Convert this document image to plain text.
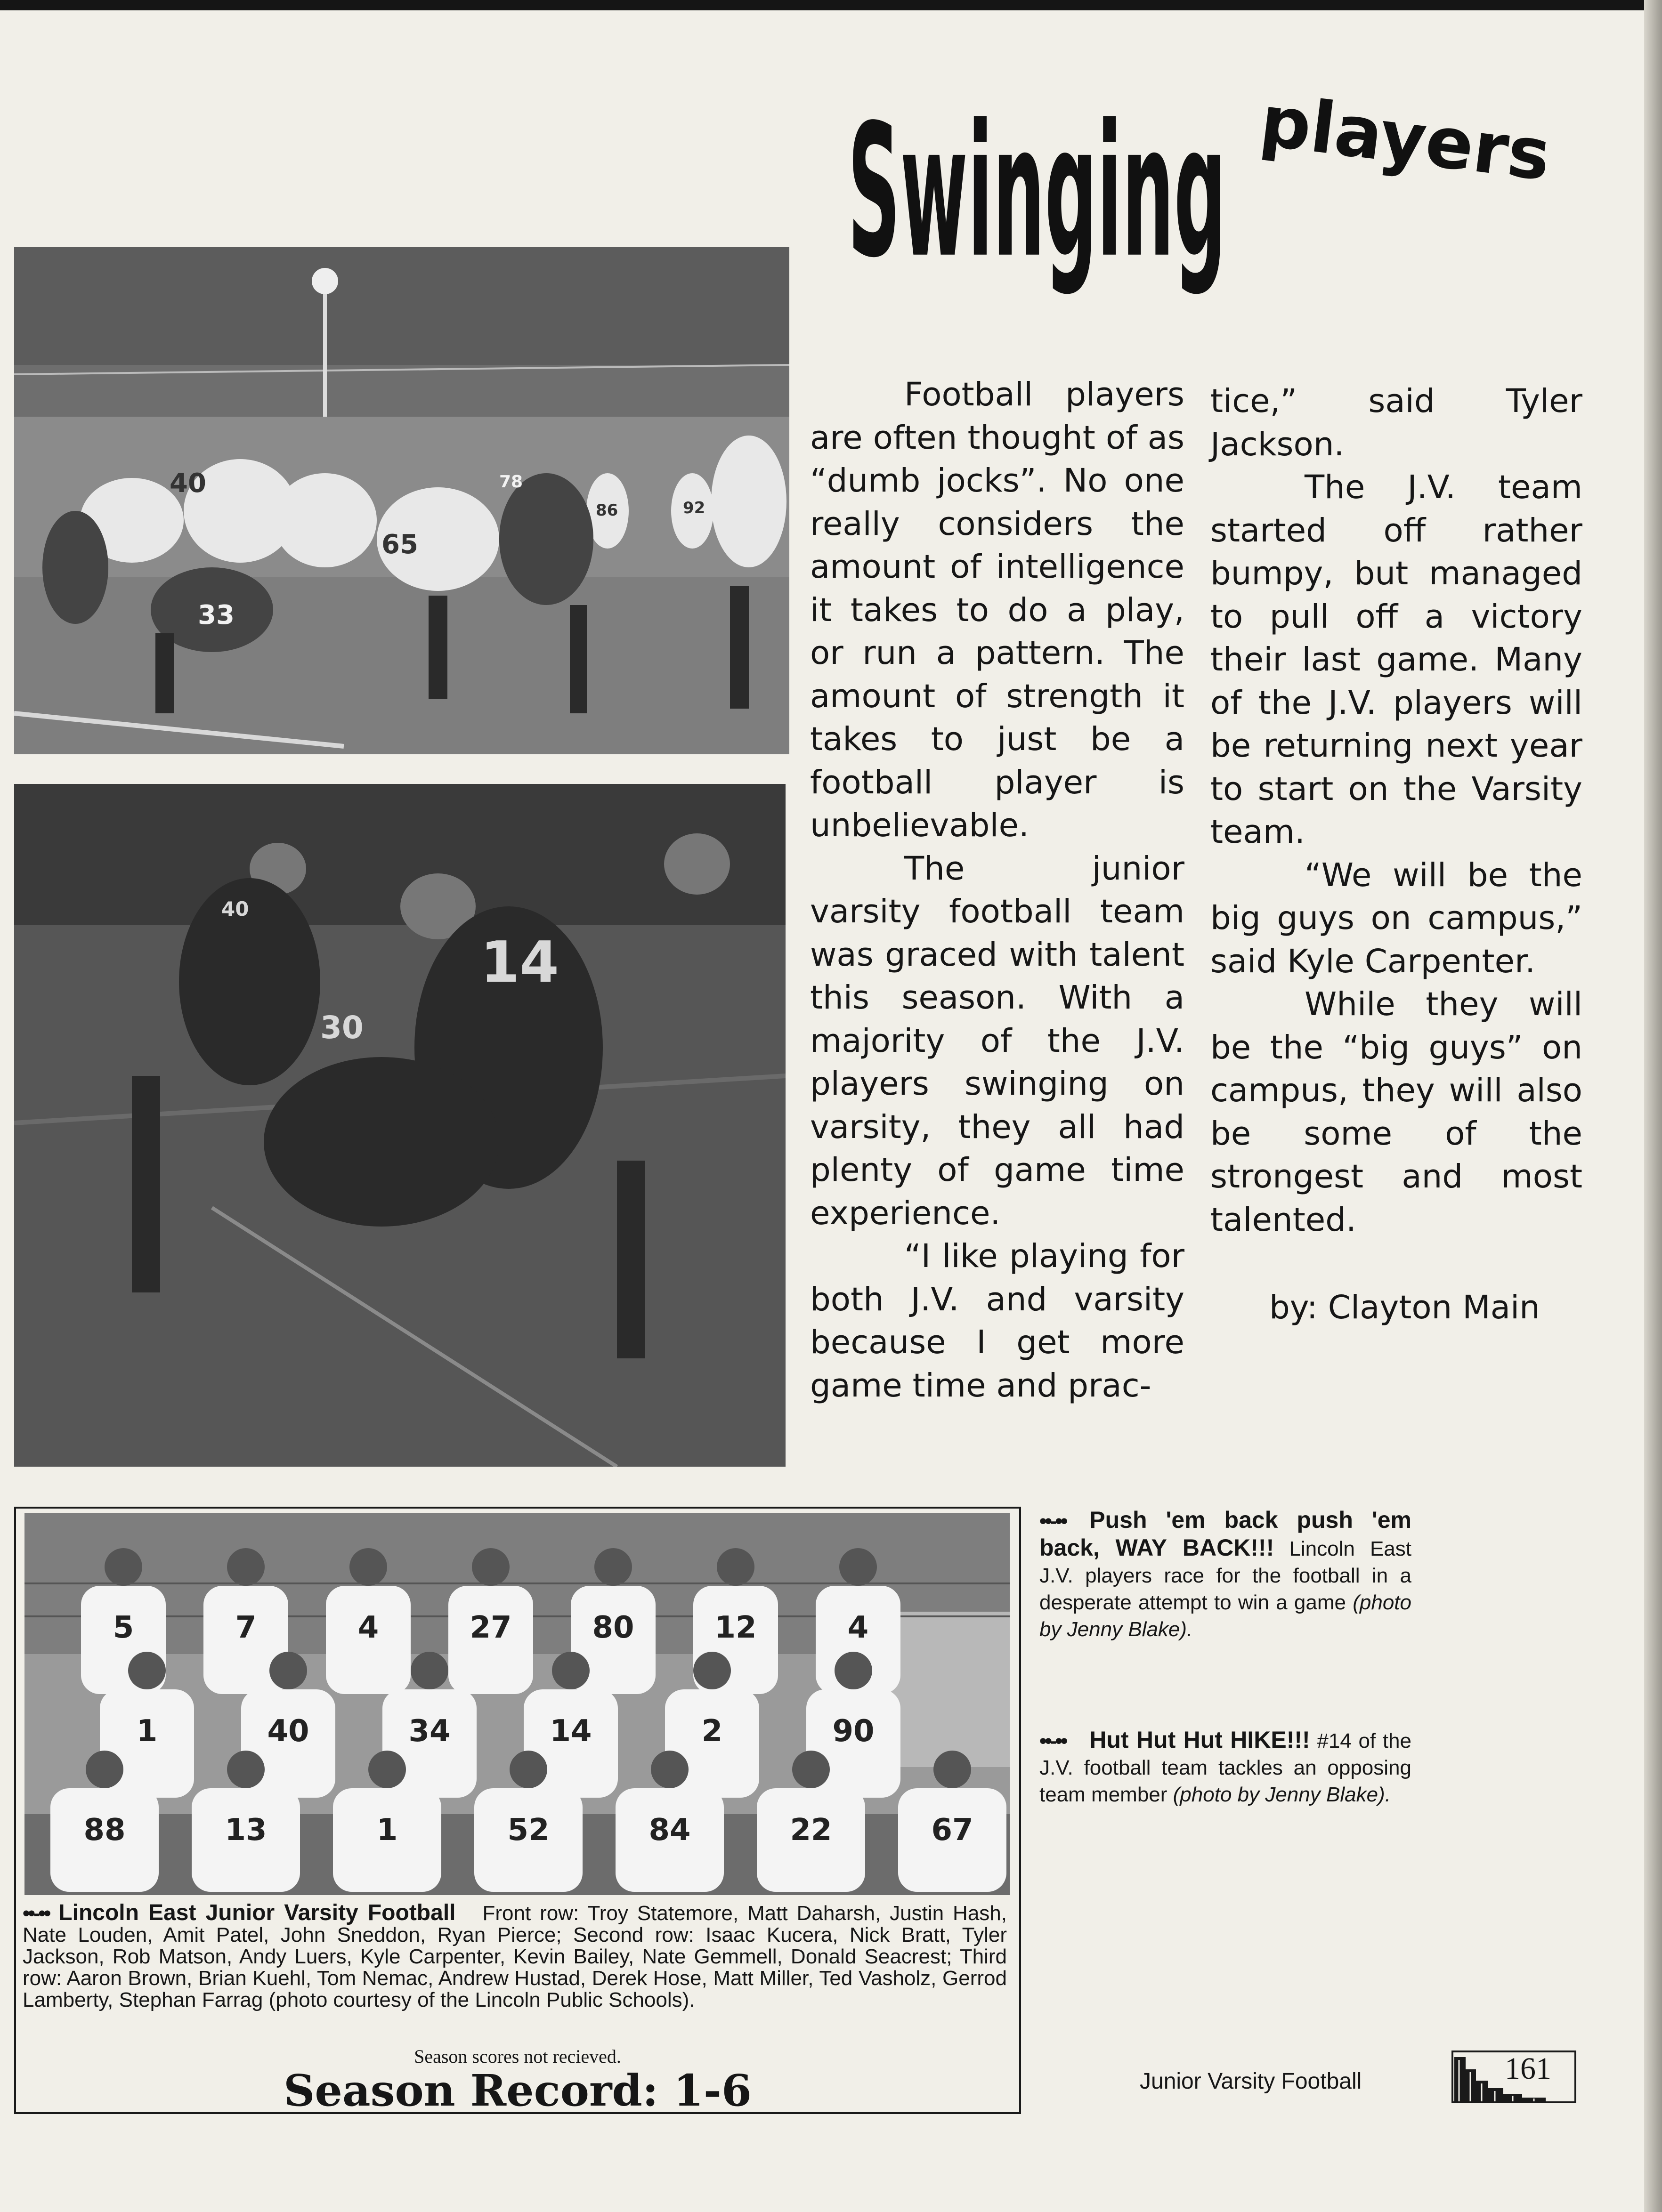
Swinging players
33
65
86	92
78
40
40
14
30

Football players are often thought of as “dumb jocks”. No one really considers the amount of intelligence it takes to do a play, or run a pattern. The amount of strength it takes to just be a football player is unbelievable.

The junior varsity football team was graced with talent this season. With a majority of the J.V. players swinging on varsity, they all had plenty of game time experience.

“I like playing for both J.V. and varsity because I get more game time and prac-

tice,” said Tyler Jackson.

The J.V. team started off rather bumpy, but managed to pull off a victory their last game. Many of the J.V. players will be returning next year to start on the Varsity team.

“We will be the big guys on campus,” said Kyle Carpenter.

While they will be the “big guys” on campus, they will also be some of the strongest and most talented.

by: Clayton Main
••-•• Push 'em back push 'em back, WAY BACK!!! Lincoln East J.V. players race for the football in a desperate attempt to win a game (photo by Jenny Blake).
••-•• Hut Hut Hut HIKE!!! #14 of the J.V. football team tackles an opposing team member (photo by Jenny Blake).
5	7	4	27	80	12	4
1	40	34	14	2	90
88	13	1	52	84	22	67
••-•• Lincoln East Junior Varsity Football Front row: Troy Statemore, Matt Daharsh, Justin Hash, Nate Louden, Amit Patel, John Sneddon, Ryan Pierce; Second row: Isaac Kucera, Nick Bratt, Tyler Jackson, Rob Matson, Andy Luers, Kyle Carpenter, Kevin Bailey, Nate Gemmell, Donald Seacrest; Third row: Aaron Brown, Brian Kuehl, Tom Nemac, Andrew Hustad, Derek Hose, Matt Miller, Ted Vasholz, Gerrod Lamberty, Stephan Farrag (photo courtesy of the Lincoln Public Schools).
Season scores not recieved.
Season Record: 1-6	Junior Varsity Football	161
